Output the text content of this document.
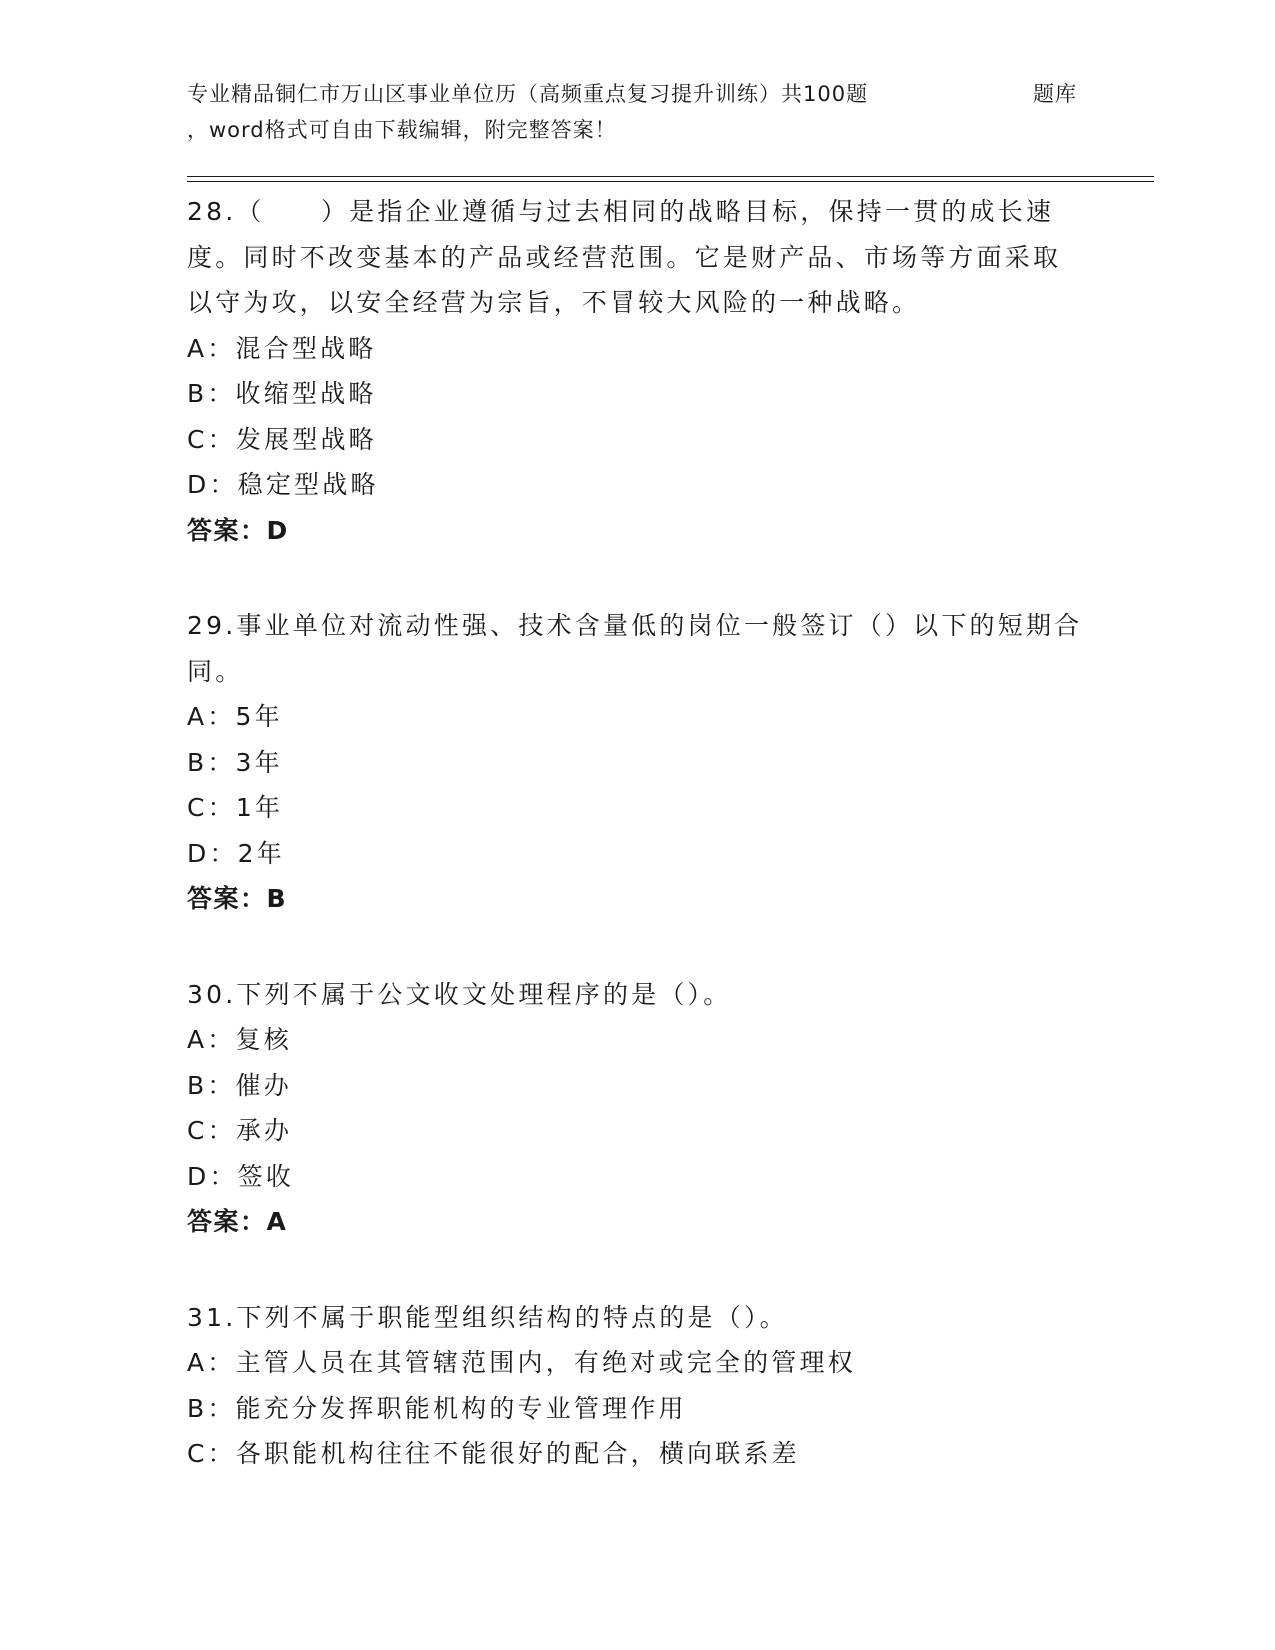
专业精品铜仁市万山区事业单位历（高频重点复习提升训练）共100题	题库
，word格式可自由下载编辑，附完整答案！

28.（　　）是指企业遵循与过去相同的战略目标，保持一贯的成长速度。同时不改变基本的产品或经营范围。它是财产品、市场等方面采取以守为攻，以安全经营为宗旨，不冒较大风险的一种战略。

A：混合型战略

B：收缩型战略

C：发展型战略

D：稳定型战略

答案：D

29.事业单位对流动性强、技术含量低的岗位一般签订（）以下的短期合同。

A：5年

B：3年

C：1年

D：2年

答案：B

30.下列不属于公文收文处理程序的是（）。

A：复核

B：催办

C：承办

D：签收

答案：A

31.下列不属于职能型组织结构的特点的是（）。

A：主管人员在其管辖范围内，有绝对或完全的管理权

B：能充分发挥职能机构的专业管理作用

C：各职能机构往往不能很好的配合，横向联系差
